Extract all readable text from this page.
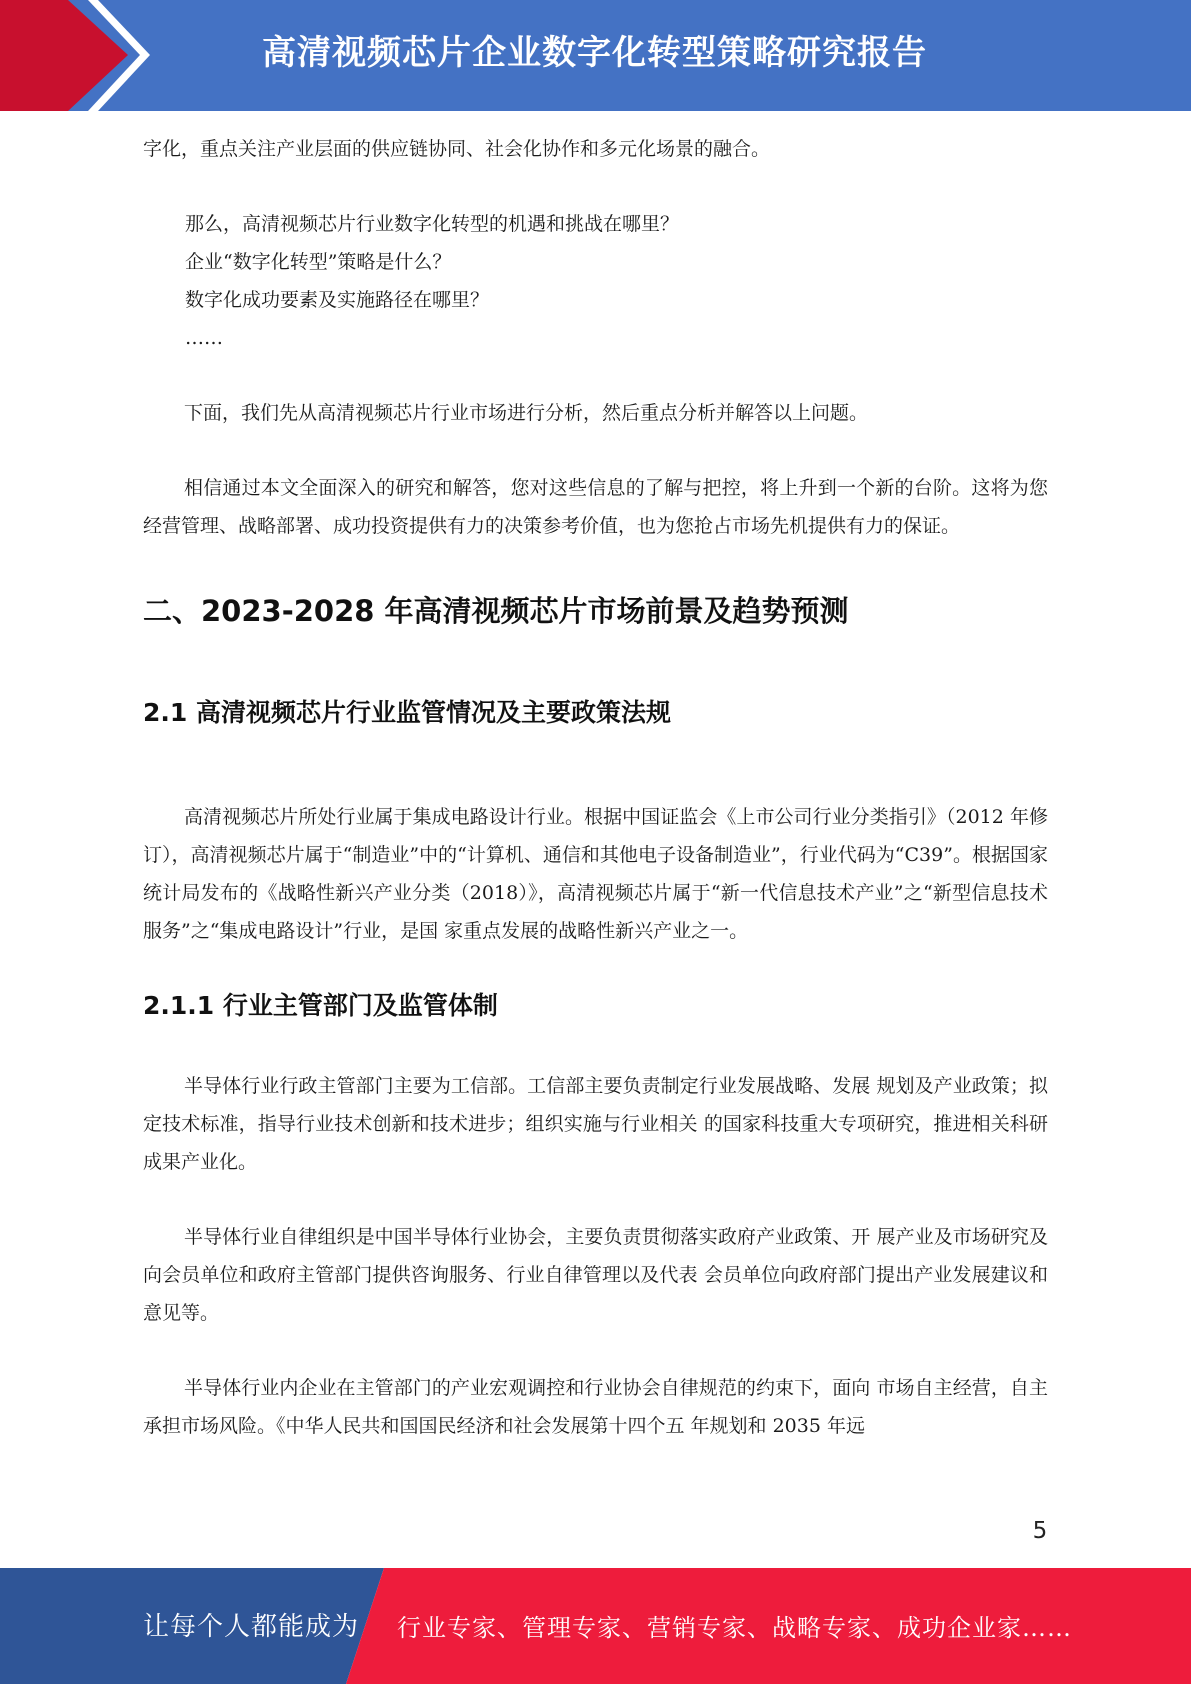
高清视频芯片企业数字化转型策略研究报告

字化，重点关注产业层面的供应链协同、社会化协作和多元化场景的融合。

那么，高清视频芯片行业数字化转型的机遇和挑战在哪里？
企业“数字化转型”策略是什么？
数字化成功要素及实施路径在哪里？
……

下面，我们先从高清视频芯片行业市场进行分析，然后重点分析并解答以上问题。

相信通过本文全面深入的研究和解答，您对这些信息的了解与把控，将上升到一个新的台阶。这将为您经营管理、战略部署、成功投资提供有力的决策参考价值，也为您抢占市场先机提供有力的保证。

二、2023-2028 年高清视频芯片市场前景及趋势预测
2.1 高清视频芯片行业监管情况及主要政策法规

高清视频芯片所处行业属于集成电路设计行业。根据中国证监会《上市公司行业分类指引》（2012 年修订），高清视频芯片属于“制造业”中的“计算机、通信和其他电子设备制造业”，行业代码为“C39”。根据国家统计局发布的《战略性新兴产业分类（2018）》，高清视频芯片属于“新一代信息技术产业”之“新型信息技术服务”之“集成电路设计”行业，是国 家重点发展的战略性新兴产业之一。

2.1.1 行业主管部门及监管体制

半导体行业行政主管部门主要为工信部。工信部主要负责制定行业发展战略、发展 规划及产业政策；拟定技术标准，指导行业技术创新和技术进步；组织实施与行业相关 的国家科技重大专项研究，推进相关科研成果产业化。

半导体行业自律组织是中国半导体行业协会，主要负责贯彻落实政府产业政策、开 展产业及市场研究及向会员单位和政府主管部门提供咨询服务、行业自律管理以及代表 会员单位向政府部门提出产业发展建议和意见等。

半导体行业内企业在主管部门的产业宏观调控和行业协会自律规范的约束下，面向 市场自主经营，自主承担市场风险。《中华人民共和国国民经济和社会发展第十四个五 年规划和 2035 年远

5
让每个人都能成为 行业专家、管理专家、营销专家、战略专家、成功企业家……
